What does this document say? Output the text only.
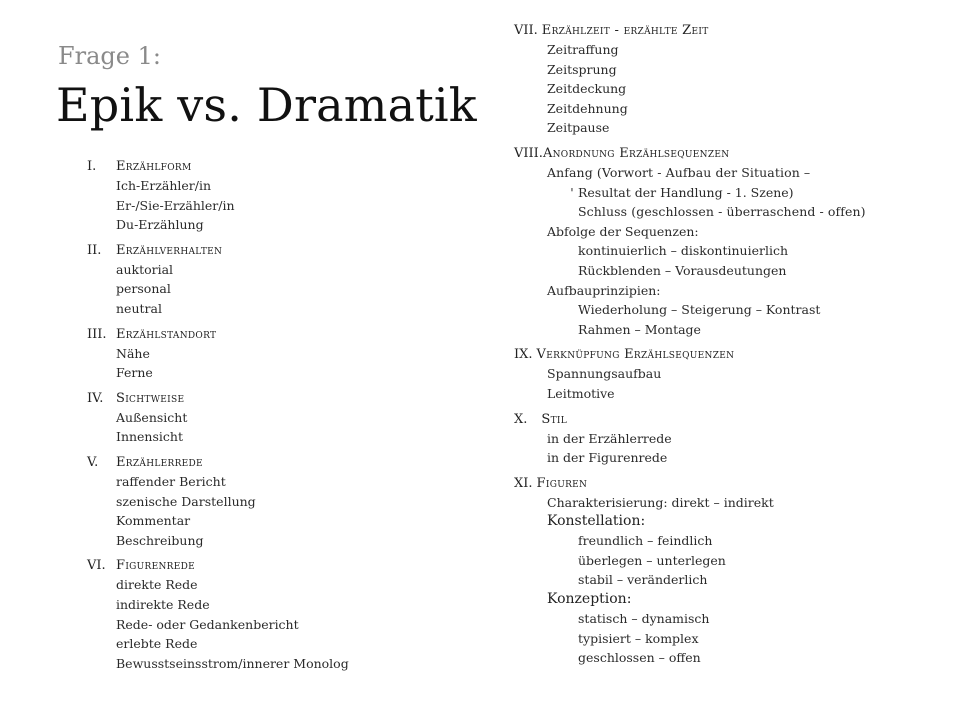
Frage 1:
Epik vs. Dramatik
I.	Erzählform
Ich-Erzähler/in
Er-/Sie-Erzähler/in
Du-Erzählung
II.	Erzählverhalten
auktorial
personal
neutral
III. Erzählstandort
Nähe
Ferne
IV. Sichtweise
Außensicht
Innensicht
V.	Erzählerrede
raffender Bericht
szenische Darstellung
Kommentar
Beschreibung
VI. Figurenrede
direkte Rede
indirekte Rede
Rede- oder Gedankenbericht
erlebte Rede
Bewusstseinsstrom/innerer Monolog
VII. Erzählzeit - erzählte Zeit
Zeitraffung
Zeitsprung
Zeitdeckung
Zeitdehnung
Zeitpause
VIII. Anordnung Erzählsequenzen
Anfang (Vorwort - Aufbau der Situation –
' Resultat der Handlung - 1. Szene)
Schluss (geschlossen - überraschend - offen)
Abfolge der Sequenzen:
kontinuierlich – diskontinuierlich
Rückblenden – Vorausdeutungen
Aufbauprinzipien:
Wiederholung – Steigerung – Kontrast
Rahmen – Montage
IX. Verknüpfung Erzählsequenzen
Spannungsaufbau
Leitmotive
X. Stil
in der Erzählerrede
in der Figurenrede
XI. Figuren
Charakterisierung: direkt – indirekt
Konstellation:
freundlich – feindlich
überlegen – unterlegen
stabil – veränderlich
Konzeption:
statisch – dynamisch
typisiert – komplex
geschlossen – offen
